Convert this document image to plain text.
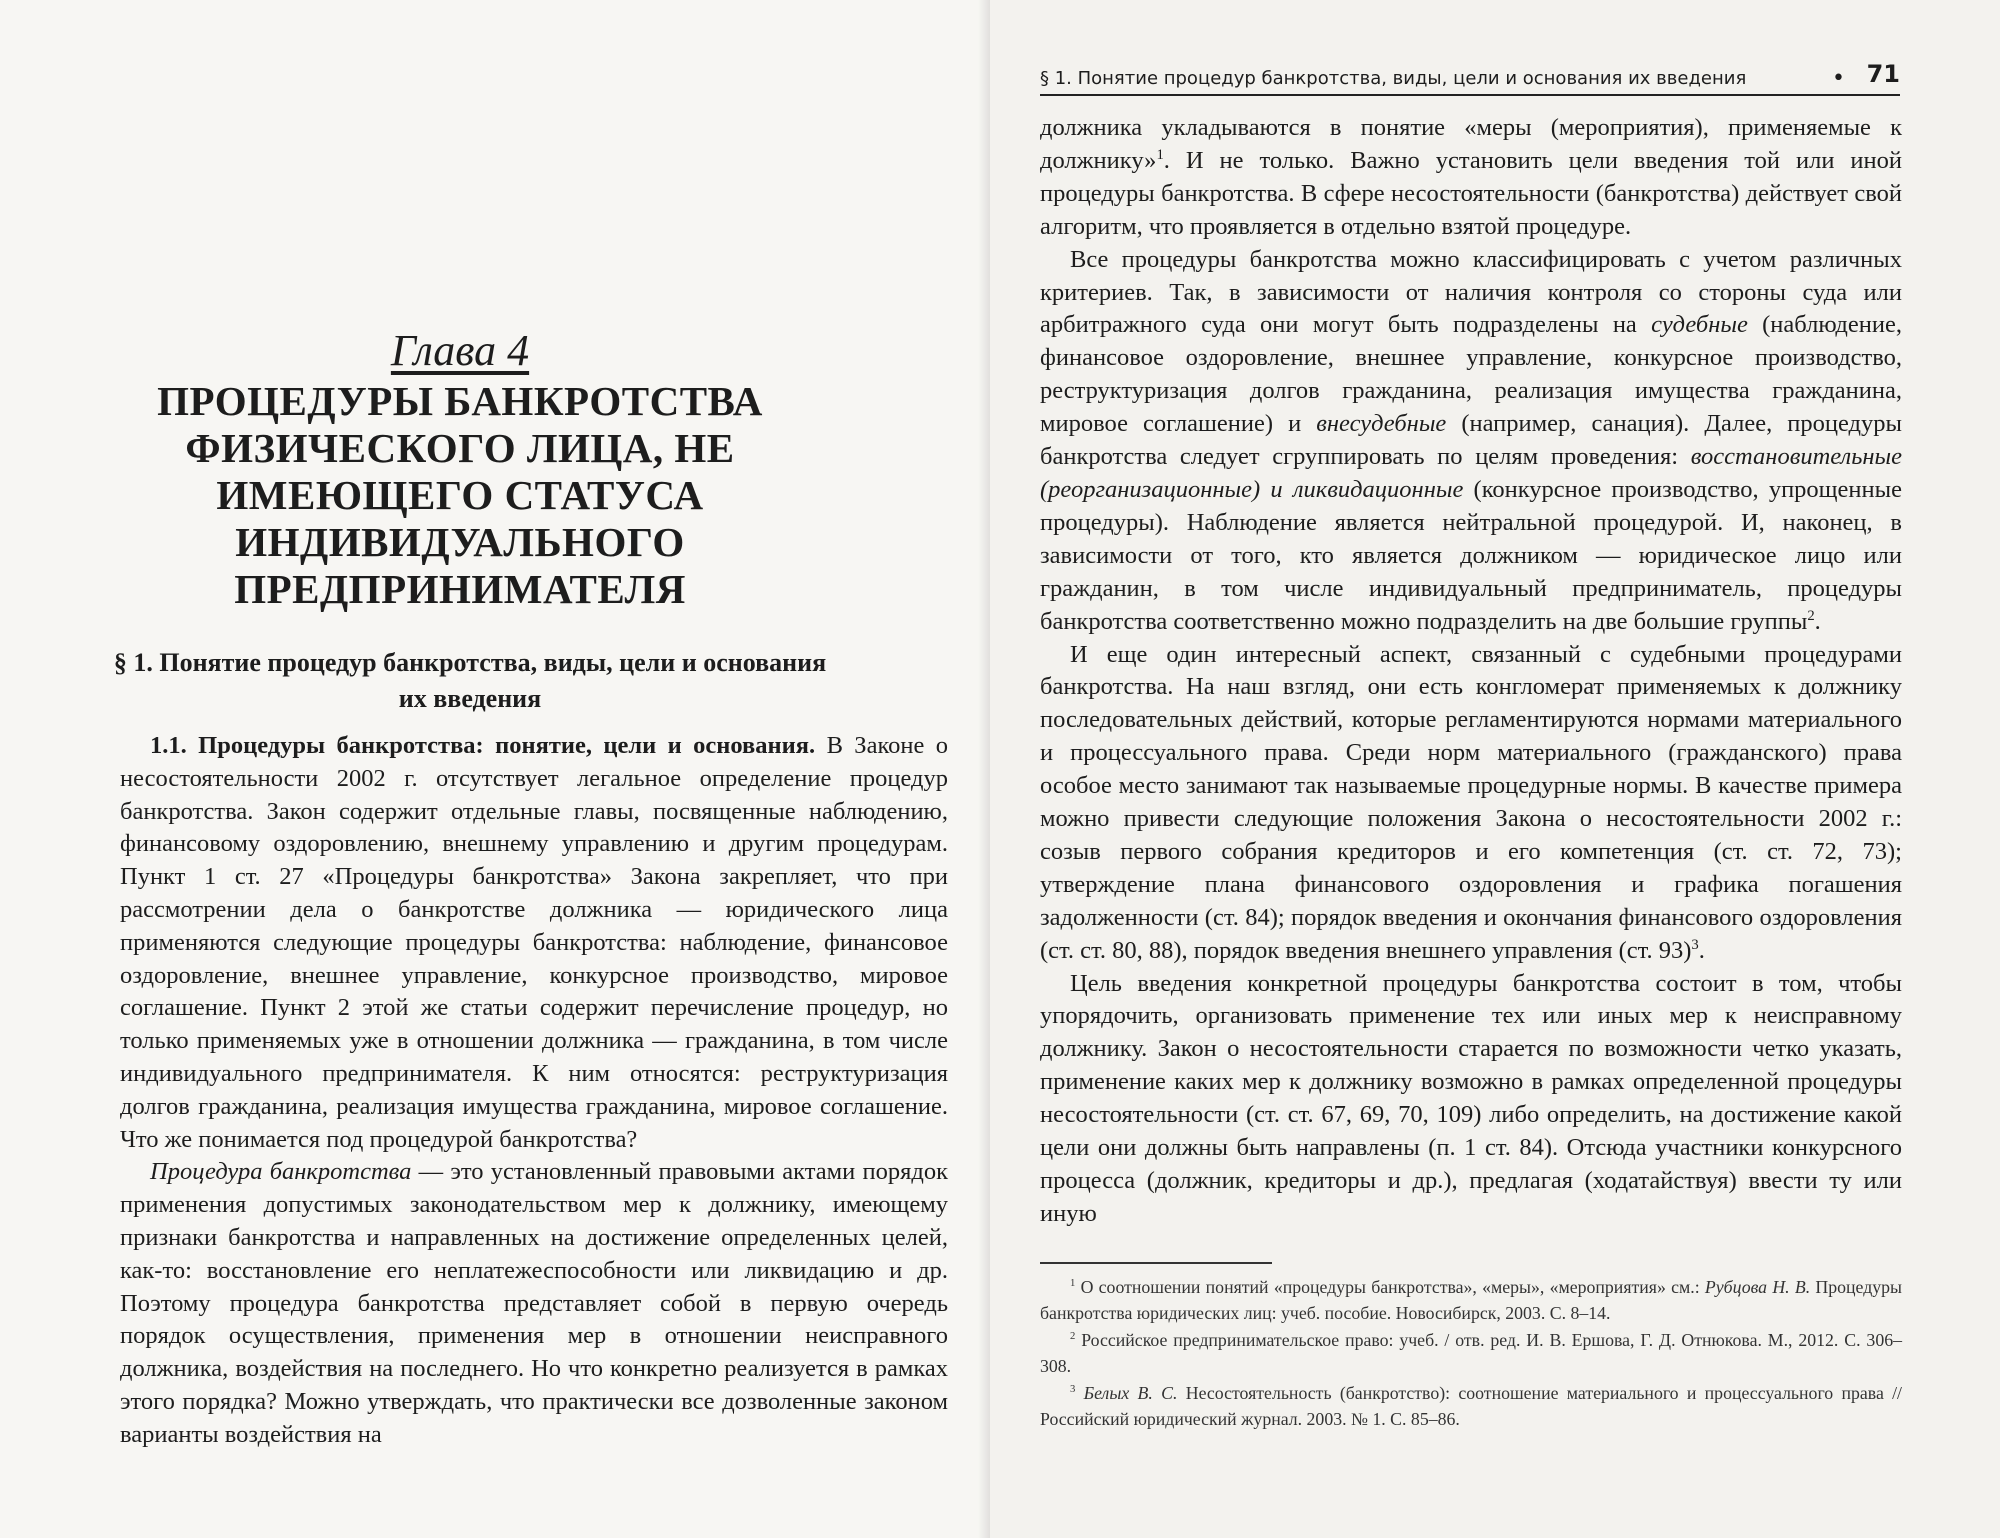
Глава 4
ПРОЦЕДУРЫ БАНКРОТСТВА ФИЗИЧЕСКОГО ЛИЦА, НЕ ИМЕЮЩЕГО СТАТУСА ИНДИВИДУАЛЬНОГО ПРЕДПРИНИМАТЕЛЯ
§ 1. Понятие процедур банкротства, виды, цели и основания их введения

1.1. Процедуры банкротства: понятие, цели и основания. В Законе о несостоятельности 2002 г. отсутствует легальное определение процедур банкротства. Закон содержит отдельные главы, посвященные наблюдению, финансовому оздоровлению, внешнему управлению и другим процедурам. Пункт 1 ст. 27 «Процедуры банкротства» Закона закрепляет, что при рассмотрении дела о банкротстве должника — юридического лица применяются следующие процедуры банкротства: наблюдение, финансовое оздоровление, внешнее управление, конкурсное производство, мировое соглашение. Пункт 2 этой же статьи содержит перечисление процедур, но только применяемых уже в отношении должника — гражданина, в том числе индивидуального предпринимателя. К ним относятся: реструктуризация долгов гражданина, реализация имущества гражданина, мировое соглашение. Что же понимается под процедурой банкротства?

Процедура банкротства — это установленный правовыми актами порядок применения допустимых законодательством мер к должнику, имеющему признаки банкротства и направленных на достижение определенных целей, как-то: восстановление его неплатежеспособности или ликвидацию и др. Поэтому процедура банкротства представляет собой в первую очередь порядок осуществления, применения мер в отношении неисправного должника, воздействия на последнего. Но что конкретно реализуется в рамках этого порядка? Можно утверждать, что практически все дозволенные законом варианты воздействия на

§ 1. Понятие процедур банкротства, виды, цели и основания их введения	• 71

должника укладываются в понятие «меры (мероприятия), применяемые к должнику»$^1$. И не только. Важно установить цели введения той или иной процедуры банкротства. В сфере несостоятельности (банкротства) действует свой алгоритм, что проявляется в отдельно взятой процедуре.

Все процедуры банкротства можно классифицировать с учетом различных критериев. Так, в зависимости от наличия контроля со стороны суда или арбитражного суда они могут быть подразделены на судебные (наблюдение, финансовое оздоровление, внешнее управление, конкурсное производство, реструктуризация долгов гражданина, реализация имущества гражданина, мировое соглашение) и внесудебные (например, санация). Далее, процедуры банкротства следует сгруппировать по целям проведения: восстановительные (реорганизационные) и ликвидационные (конкурсное производство, упрощенные процедуры). Наблюдение является нейтральной процедурой. И, наконец, в зависимости от того, кто является должником — юридическое лицо или гражданин, в том числе индивидуальный предприниматель, процедуры банкротства соответственно можно подразделить на две большие группы$^2$.

И еще один интересный аспект, связанный с судебными процедурами банкротства. На наш взгляд, они есть конгломерат применяемых к должнику последовательных действий, которые регламентируются нормами материального и процессуального права. Среди норм материального (гражданского) права особое место занимают так называемые процедурные нормы. В качестве примера можно привести следующие положения Закона о несостоятельности 2002 г.: созыв первого собрания кредиторов и его компетенция (ст. ст. 72, 73); утверждение плана финансового оздоровления и графика погашения задолженности (ст. 84); порядок введения и окончания финансового оздоровления (ст. ст. 80, 88), порядок введения внешнего управления (ст. 93)$^3$.

Цель введения конкретной процедуры банкротства состоит в том, чтобы упорядочить, организовать применение тех или иных мер к неисправному должнику. Закон о несостоятельности старается по возможности четко указать, применение каких мер к должнику возможно в рамках определенной процедуры несостоятельности (ст. ст. 67, 69, 70, 109) либо определить, на достижение какой цели они должны быть направлены (п. 1 ст. 84). Отсюда участники конкурсного процесса (должник, кредиторы и др.), предлагая (ходатайствуя) ввести ту или иную

$^1$ О соотношении понятий «процедуры банкротства», «меры», «мероприятия» см.: Рубцова Н. В. Процедуры банкротства юридических лиц: учеб. пособие. Новосибирск, 2003. С. 8–14.

$^2$ Российское предпринимательское право: учеб. / отв. ред. И. В. Ершова, Г. Д. Отнюкова. М., 2012. С. 306–308.

$^3$ Белых В. С. Несостоятельность (банкротство): соотношение материального и процессуального права // Российский юридический журнал. 2003. № 1. С. 85–86.
